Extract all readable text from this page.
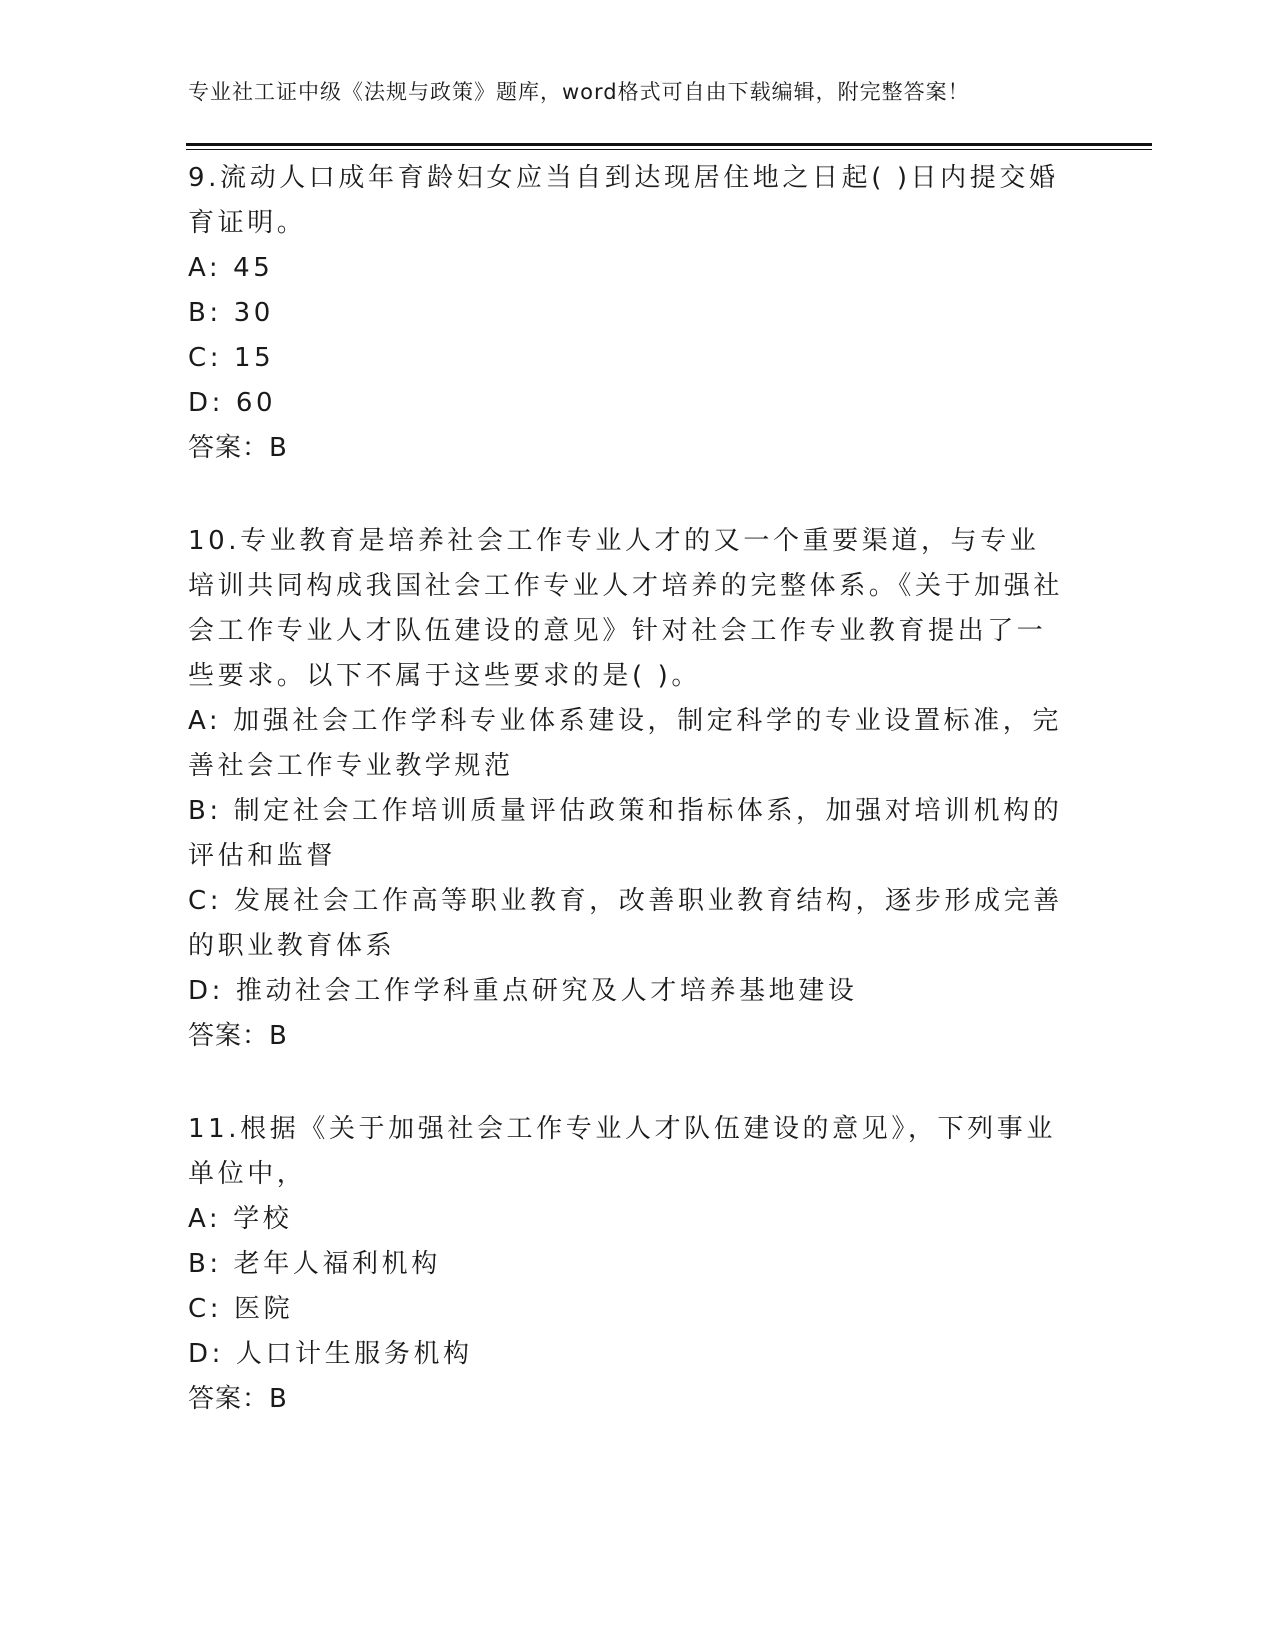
专业社工证中级《法规与政策》题库，word格式可自由下载编辑，附完整答案！

9.流动人口成年育龄妇女应当自到达现居住地之日起( )日内提交婚育证明。

A: 45

B: 30

C: 15

D: 60

答案：B

10.专业教育是培养社会工作专业人才的又一个重要渠道，与专业培训共同构成我国社会工作专业人才培养的完整体系。《关于加强社会工作专业人才队伍建设的意见》针对社会工作专业教育提出了一些要求。以下不属于这些要求的是( )。

A: 加强社会工作学科专业体系建设，制定科学的专业设置标准，完善社会工作专业教学规范

B: 制定社会工作培训质量评估政策和指标体系，加强对培训机构的评估和监督

C: 发展社会工作高等职业教育，改善职业教育结构，逐步形成完善的职业教育体系

D: 推动社会工作学科重点研究及人才培养基地建设

答案：B

11.根据《关于加强社会工作专业人才队伍建设的意见》，下列事业单位中，

A: 学校

B: 老年人福利机构

C: 医院

D: 人口计生服务机构

答案：B
